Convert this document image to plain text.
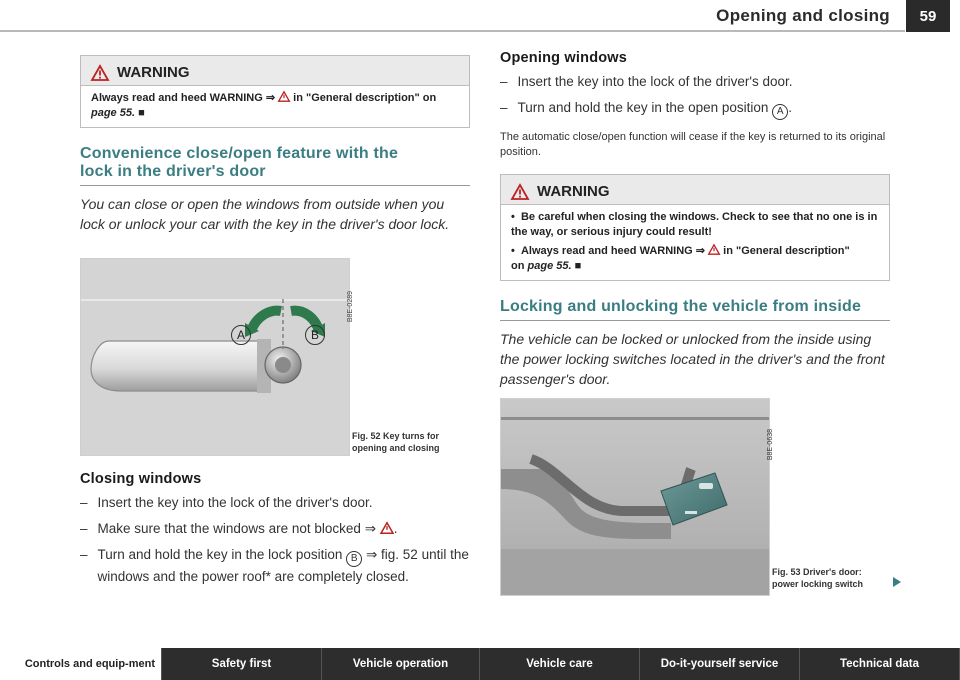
Opening and closing	59
WARNING
Always read and heed WARNING ⇒ in "General description" on
page 55. ■
Convenience close/open feature with the
lock in the driver's door
You can close or open the windows from outside when you lock or unlock your car with the key in the driver's door lock.
A	B
B8E-0289
Fig. 52 Key turns for opening and closing
Closing windows
– Insert the key into the lock of the driver's door.
– Make sure that the windows are not blocked ⇒ .
– Turn and hold the key in the lock position B ⇒ fig. 52 until the windows and the power roof* are completely closed.
Opening windows
– Insert the key into the lock of the driver's door.
– Turn and hold the key in the open position A .
The automatic close/open function will cease if the key is returned to its original position.
WARNING
•  Be careful when closing the windows. Check to see that no one is in the way, or serious injury could result!
•  Always read and heed WARNING ⇒ in "General description"
on page 55. ■
Locking and unlocking the vehicle from inside
The vehicle can be locked or unlocked from the inside using the power locking switches located in the driver's and the front passenger's door.
B8E-0638
Fig. 53 Driver's door: power locking switch
Controls and equip-ment	Safety first	Vehicle operation	Vehicle care	Do-it-yourself service	Technical data
